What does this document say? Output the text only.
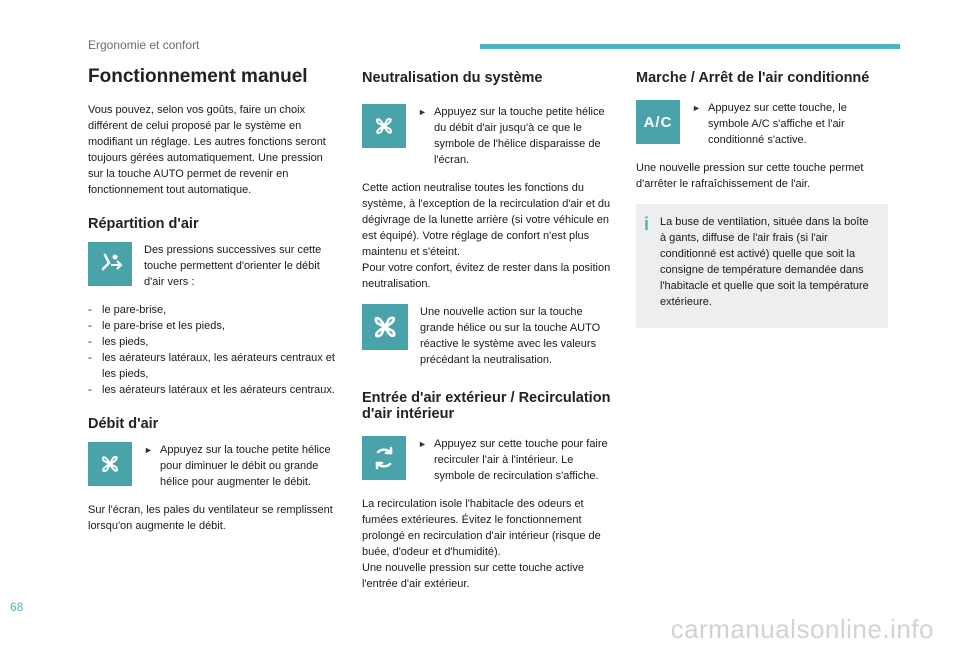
Ergonomie et confort
Fonctionnement manuel

Vous pouvez, selon vos goûts, faire un choix différent de celui proposé par le système en modifiant un réglage. Les autres fonctions seront toujours gérées automatiquement. Une pression sur la touche AUTO permet de revenir en fonctionnement tout automatique.

Répartition d'air
Des pressions successives sur cette touche permettent d'orienter le débit d'air vers :
- le pare-brise,
- le pare-brise et les pieds,
- les pieds,
- les aérateurs latéraux, les aérateurs centraux et les pieds,
- les aérateurs latéraux et les aérateurs centraux.
Débit d'air
► Appuyez sur la touche petite hélice pour diminuer le débit ou grande hélice pour augmenter le débit.

Sur l'écran, les pales du ventilateur se remplissent lorsqu'on augmente le débit.

Neutralisation du système
► Appuyez sur la touche petite hélice du débit d'air jusqu'à ce que le symbole de l'hélice disparaisse de l'écran.

Cette action neutralise toutes les fonctions du système, à l'exception de la recirculation d'air et du dégivrage de la lunette arrière (si votre véhicule en est équipé). Votre réglage de confort n'est plus maintenu et s'éteint.

Pour votre confort, évitez de rester dans la position neutralisation.

Une nouvelle action sur la touche grande hélice ou sur la touche AUTO réactive le système avec les valeurs précédant la neutralisation.
Entrée d'air extérieur / Recirculation d'air intérieur
► Appuyez sur cette touche pour faire recirculer l'air à l'intérieur. Le symbole de recirculation s'affiche.

La recirculation isole l'habitacle des odeurs et fumées extérieures. Évitez le fonctionnement prolongé en recirculation d'air intérieur (risque de buée, d'odeur et d'humidité).

Une nouvelle pression sur cette touche active l'entrée d'air extérieur.

Marche / Arrêt de l'air conditionné
A/C
► Appuyez sur cette touche, le symbole A/C s'affiche et l'air conditionné s'active.

Une nouvelle pression sur cette touche permet d'arrêter le rafraîchissement de l'air.

i La buse de ventilation, située dans la boîte à gants, diffuse de l'air frais (si l'air conditionné est activé) quelle que soit la consigne de température demandée dans l'habitacle et quelle que soit la température extérieure.

68
carmanualsonline.info
